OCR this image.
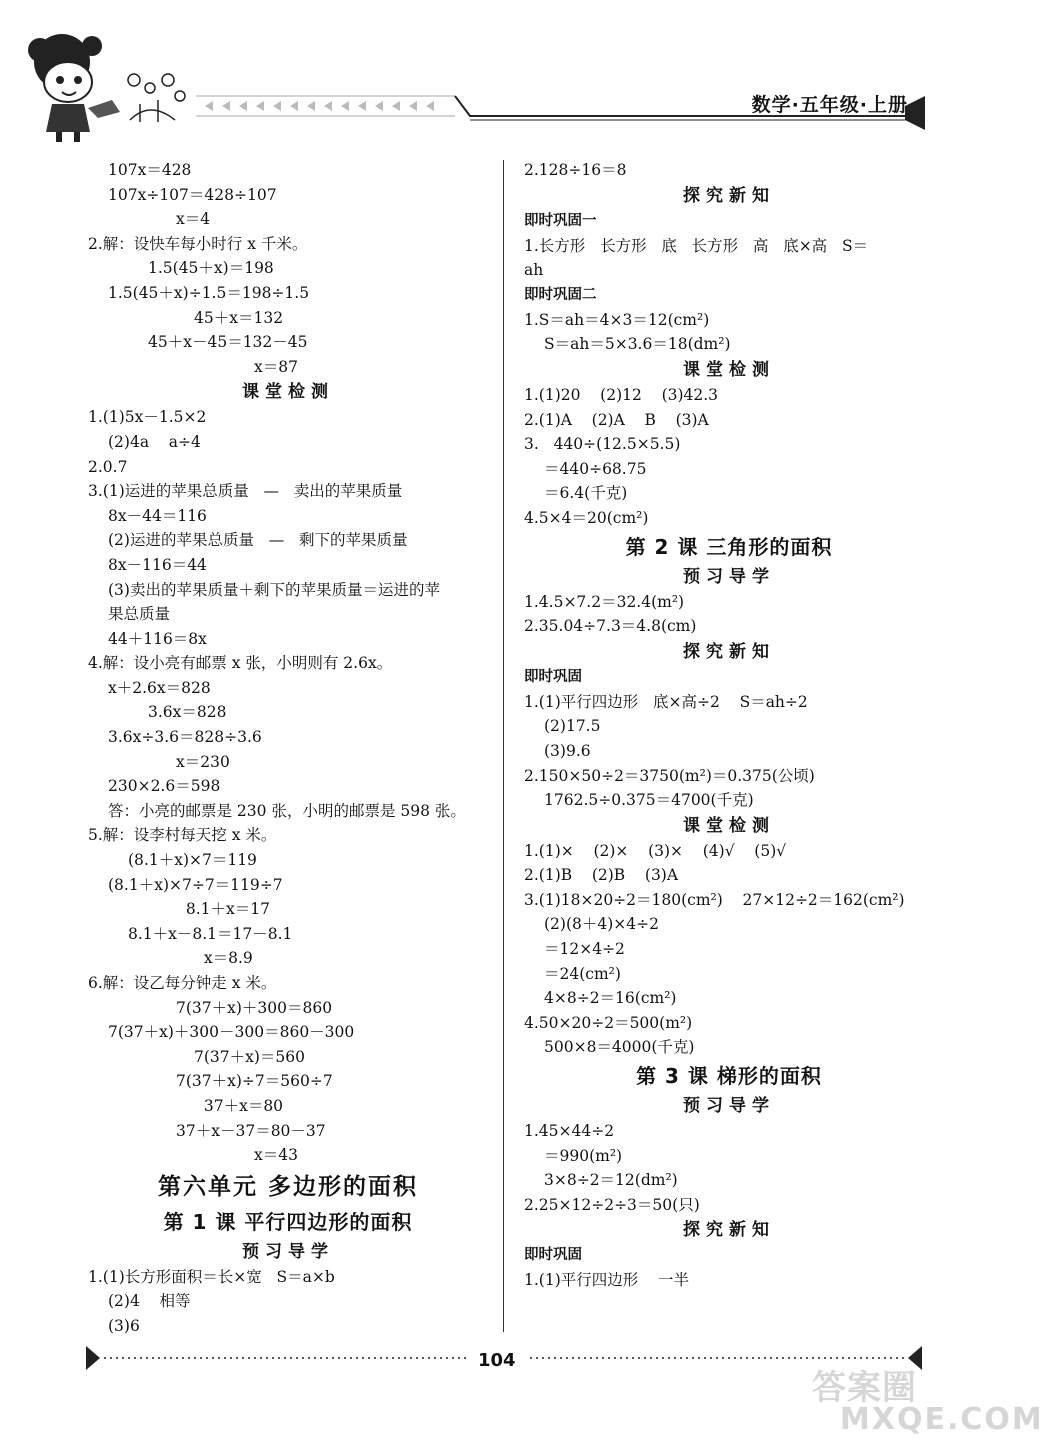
数学·五年级·上册
107x＝428
107x÷107＝428÷107
x＝4
2.解：设快车每小时行 x 千米。
1.5(45＋x)＝198
1.5(45＋x)÷1.5＝198÷1.5
45＋x＝132
45＋x－45＝132－45
x＝87
课堂检测
1.(1)5x－1.5×2
(2)4a    a÷4
2.0.7
3.(1)运进的苹果总质量   —   卖出的苹果质量
8x－44＝116
(2)运进的苹果总质量   —   剩下的苹果质量
8x－116＝44
(3)卖出的苹果质量＋剩下的苹果质量＝运进的苹
果总质量
44＋116＝8x
4.解：设小亮有邮票 x 张，小明则有 2.6x。
x＋2.6x＝828
3.6x＝828
3.6x÷3.6＝828÷3.6
x＝230
230×2.6＝598
答：小亮的邮票是 230 张，小明的邮票是 598 张。
5.解：设李村每天挖 x 米。
(8.1＋x)×7＝119
(8.1＋x)×7÷7＝119÷7
8.1＋x＝17
8.1＋x－8.1＝17－8.1
x＝8.9
6.解：设乙每分钟走 x 米。
7(37＋x)＋300＝860
7(37＋x)＋300－300＝860－300
7(37＋x)＝560
7(37＋x)÷7＝560÷7
37＋x＝80
37＋x－37＝80－37
x＝43
第六单元 多边形的面积
第 1 课 平行四边形的面积
预习导学
1.(1)长方形面积＝长×宽   S＝a×b
(2)4    相等
(3)6
2.128÷16＝8
探究新知
即时巩固一
1.长方形   长方形   底   长方形   高   底×高   S＝
ah
即时巩固二
1.S＝ah＝4×3＝12(cm²)
S＝ah＝5×3.6＝18(dm²)
课堂检测
1.(1)20    (2)12    (3)42.3
2.(1)A    (2)A    B    (3)A
3.   440÷(12.5×5.5)
＝440÷68.75
＝6.4(千克)
4.5×4＝20(cm²)
第 2 课 三角形的面积
预习导学
1.4.5×7.2＝32.4(m²)
2.35.04÷7.3＝4.8(cm)
探究新知
即时巩固
1.(1)平行四边形   底×高÷2    S＝ah÷2
(2)17.5
(3)9.6
2.150×50÷2＝3750(m²)＝0.375(公顷)
1762.5÷0.375＝4700(千克)
课堂检测
1.(1)×    (2)×    (3)×    (4)√    (5)√
2.(1)B    (2)B    (3)A
3.(1)18×20÷2＝180(cm²)    27×12÷2＝162(cm²)
(2)(8＋4)×4÷2
＝12×4÷2
＝24(cm²)
4×8÷2＝16(cm²)
4.50×20÷2＝500(m²)
500×8＝4000(千克)
第 3 课 梯形的面积
预习导学
1.45×44÷2
＝990(m²)
3×8÷2＝12(dm²)
2.25×12÷2÷3＝50(只)
探究新知
即时巩固
1.(1)平行四边形    一半
104
答案圈
MXQE.COM
